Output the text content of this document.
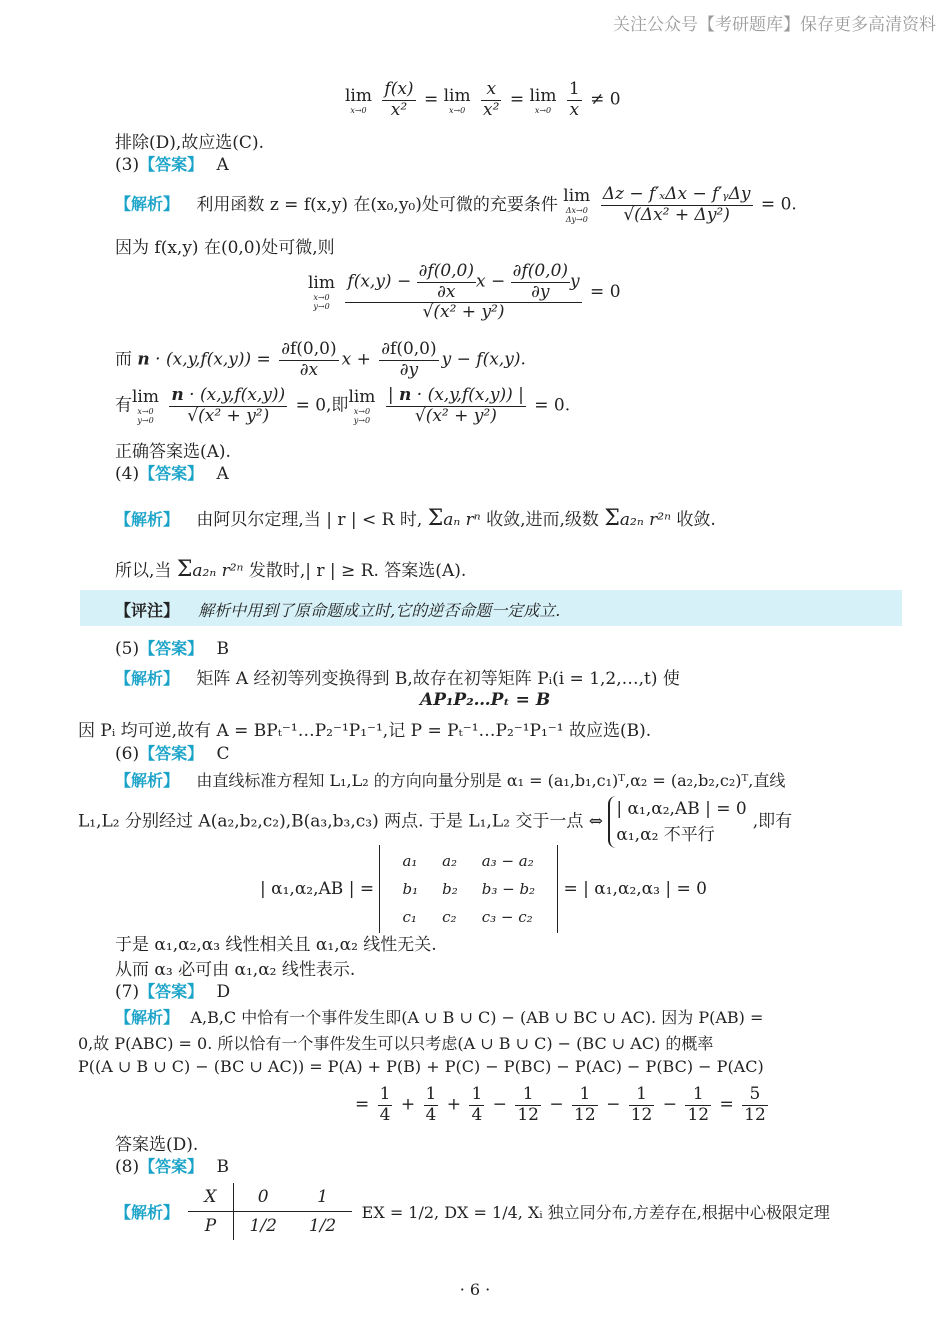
关注公众号【考研题库】保存更多高清资料
lim
x→0
$\frac{f(x)}{\text{x²}} = \lim$
x→0
$\frac{x}{\text{x²}} = \lim$
x→0
$\frac{1}{x} \ne 0$
排除(D),故应选(C).
(3)【答案】 A
【解析】 利用函数 z = f(x,y) 在(x₀,y₀)处可微的充要条件 lim
Δx→0
Δy→0
$\frac{\text{Δz − f′ₓΔx − f′ᵧΔy}}{\text{√(Δx² + Δy²)}} = 0$.
因为 f(x,y) 在(0,0)处可微,则
lim
x→0
y→0
$\frac{f(x,y) - \frac{\partial f(0,0)}{\partial x} x - \frac{\partial f(0,0)}{\partial y} y}{\text{√(x² + y²)}} = 0$
而 $n \cdot (x,y,f(x,y)) = \frac{\partial f(0,0)}{\partial x}$ $x + \frac{\partial f(0,0)}{\partial y}$ y − f(x,y).
有lim
x→0
y→0
$\frac{n \cdot (x,y,f(x,y))}{\text{√(x² + y²)}} = 0$,即lim
x→0
y→0
$\frac{| n \cdot (x,y,f(x,y)) |}{\text{√(x² + y²)}} = 0$.
正确答案选(A).
(4)【答案】 A
【解析】 由阿贝尔定理,当 | r | < R 时, Σaₙ rⁿ 收敛,进而,级数 Σa₂ₙ r²ⁿ 收敛.
所以,当 Σa₂ₙ r²ⁿ 发散时,| r | ≥ R. 答案选(A).
【评注】 解析中用到了原命题成立时,它的逆否命题一定成立.
(5)【答案】 B
【解析】 矩阵 A 经初等列变换得到 B,故存在初等矩阵 Pᵢ(i = 1,2,…,t) 使
AP₁P₂…Pₜ = B
因 Pᵢ 均可逆,故有 A = BPₜ⁻¹…P₂⁻¹P₁⁻¹,记 P = Pₜ⁻¹…P₂⁻¹P₁⁻¹ 故应选(B).
(6)【答案】 C
【解析】 由直线标准方程知 L₁,L₂ 的方向向量分别是 α₁ = (a₁,b₁,c₁)ᵀ,α₂ = (a₂,b₂,c₂)ᵀ,直线
L₁,L₂ 分别经过 A(a₂,b₂,c₂),B(a₃,b₃,c₃) 两点. 于是 L₁,L₂ 交于一点 ⇔
| α₁,α₂,AB | = 0
α₁,α₂ 不平行
,即有
| α₁,α₂,AB | =
a₁	a₂	a₃ − a₂
b₁	b₂	b₃ − b₂
c₁	c₂	c₃ − c₂
= | α₁,α₂,α₃ | = 0
于是 α₁,α₂,α₃ 线性相关且 α₁,α₂ 线性无关.
从而 α₃ 必可由 α₁,α₂ 线性表示.
(7)【答案】 D
【解析】 A,B,C 中恰有一个事件发生即(A ∪ B ∪ C) − (AB ∪ BC ∪ AC). 因为 P(AB) =
0,故 P(ABC) = 0. 所以恰有一个事件发生可以只考虑(A ∪ B ∪ C) − (BC ∪ AC) 的概率
P((A ∪ B ∪ C) − (BC ∪ AC)) = P(A) + P(B) + P(C) − P(BC) − P(AC) − P(BC) − P(AC)
= $\frac{1}{4} + \frac{1}{4} + \frac{1}{4} - \frac{1}{12} - \frac{1}{12} - \frac{1}{12} - \frac{1}{12} = \frac{5}{12}$
答案选(D).
(8)【答案】 B
【解析】 X	0	1
P	1/2	1/2 EX = 1/2, DX = 1/4, Xᵢ 独立同分布,方差存在,根据中心极限定理
· 6 ·
